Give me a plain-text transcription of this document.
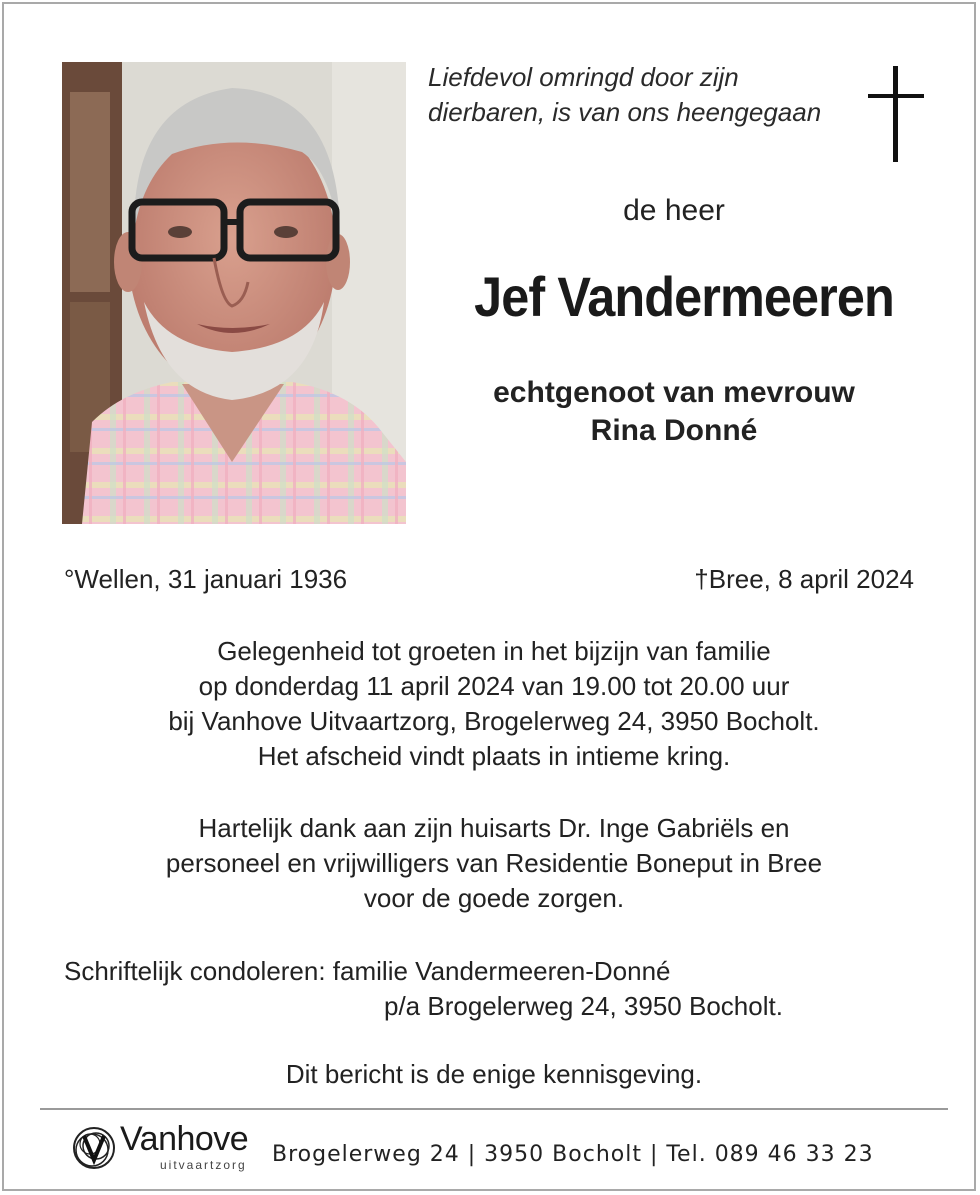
Liefdevol omringd door zijn dierbaren, is van ons heengegaan
de heer
Jef Vandermeeren
echtgenoot van mevrouw
Rina Donné
°Wellen, 31 januari 1936	†Bree, 8 april 2024
Gelegenheid tot groeten in het bijzijn van familie
op donderdag 11 april 2024 van 19.00 tot 20.00 uur
bij Vanhove Uitvaartzorg, Brogelerweg 24, 3950 Bocholt.
Het afscheid vindt plaats in intieme kring.
Hartelijk dank aan zijn huisarts Dr. Inge Gabriëls en
personeel en vrijwilligers van Residentie Boneput in Bree
voor de goede zorgen.
Schriftelijk condoleren: familie Vandermeeren-Donné
p/a Brogelerweg 24, 3950 Bocholt.
Dit bericht is de enige kennisgeving.
Vanhove
uitvaartzorg Brogelerweg 24 | 3950 Bocholt | Tel. 089 46 33 23
